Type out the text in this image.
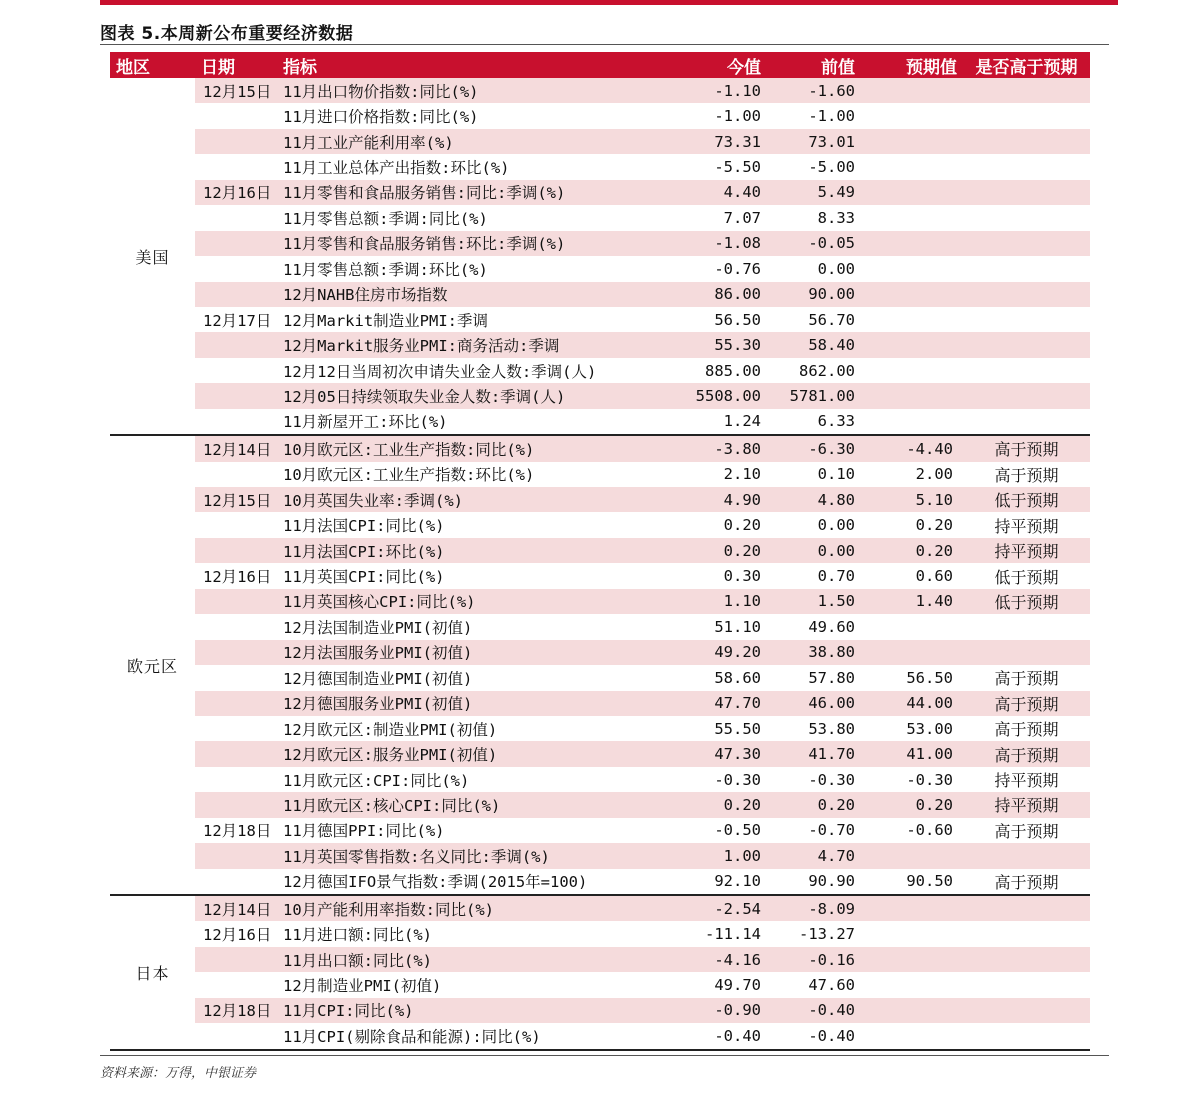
图表 5.本周新公布重要经济数据
地区	日期	指标	今值	前值	预期值	是否高于预期
美国	12月15日	11月出口物价指数:同比(%)	-1.10	-1.60		
		11月进口价格指数:同比(%)	-1.00	-1.00		
		11月工业产能利用率(%)	73.31	73.01		
		11月工业总体产出指数:环比(%)	-5.50	-5.00		
	12月16日	11月零售和食品服务销售:同比:季调(%)	4.40	5.49		
		11月零售总额:季调:同比(%)	7.07	8.33		
		11月零售和食品服务销售:环比:季调(%)	-1.08	-0.05		
		11月零售总额:季调:环比(%)	-0.76	0.00		
		12月NAHB住房市场指数	86.00	90.00		
	12月17日	12月Markit制造业PMI:季调	56.50	56.70		
		12月Markit服务业PMI:商务活动:季调	55.30	58.40		
		12月12日当周初次申请失业金人数:季调(人)	885.00	862.00		
		12月05日持续领取失业金人数:季调(人)	5508.00	5781.00		
		11月新屋开工:环比(%)	1.24	6.33		
欧元区	12月14日	10月欧元区:工业生产指数:同比(%)	-3.80	-6.30	-4.40	高于预期
		10月欧元区:工业生产指数:环比(%)	2.10	0.10	2.00	高于预期
	12月15日	10月英国失业率:季调(%)	4.90	4.80	5.10	低于预期
		11月法国CPI:同比(%)	0.20	0.00	0.20	持平预期
		11月法国CPI:环比(%)	0.20	0.00	0.20	持平预期
	12月16日	11月英国CPI:同比(%)	0.30	0.70	0.60	低于预期
		11月英国核心CPI:同比(%)	1.10	1.50	1.40	低于预期
		12月法国制造业PMI(初值)	51.10	49.60		
		12月法国服务业PMI(初值)	49.20	38.80		
		12月德国制造业PMI(初值)	58.60	57.80	56.50	高于预期
		12月德国服务业PMI(初值)	47.70	46.00	44.00	高于预期
		12月欧元区:制造业PMI(初值)	55.50	53.80	53.00	高于预期
		12月欧元区:服务业PMI(初值)	47.30	41.70	41.00	高于预期
		11月欧元区:CPI:同比(%)	-0.30	-0.30	-0.30	持平预期
		11月欧元区:核心CPI:同比(%)	0.20	0.20	0.20	持平预期
	12月18日	11月德国PPI:同比(%)	-0.50	-0.70	-0.60	高于预期
		11月英国零售指数:名义同比:季调(%)	1.00	4.70		
		12月德国IFO景气指数:季调(2015年=100)	92.10	90.90	90.50	高于预期
日本	12月14日	10月产能利用率指数:同比(%)	-2.54	-8.09		
	12月16日	11月进口额:同比(%)	-11.14	-13.27		
		11月出口额:同比(%)	-4.16	-0.16		
		12月制造业PMI(初值)	49.70	47.60		
	12月18日	11月CPI:同比(%)	-0.90	-0.40		
		11月CPI(剔除食品和能源):同比(%)	-0.40	-0.40		
资料来源：万得，中银证券
